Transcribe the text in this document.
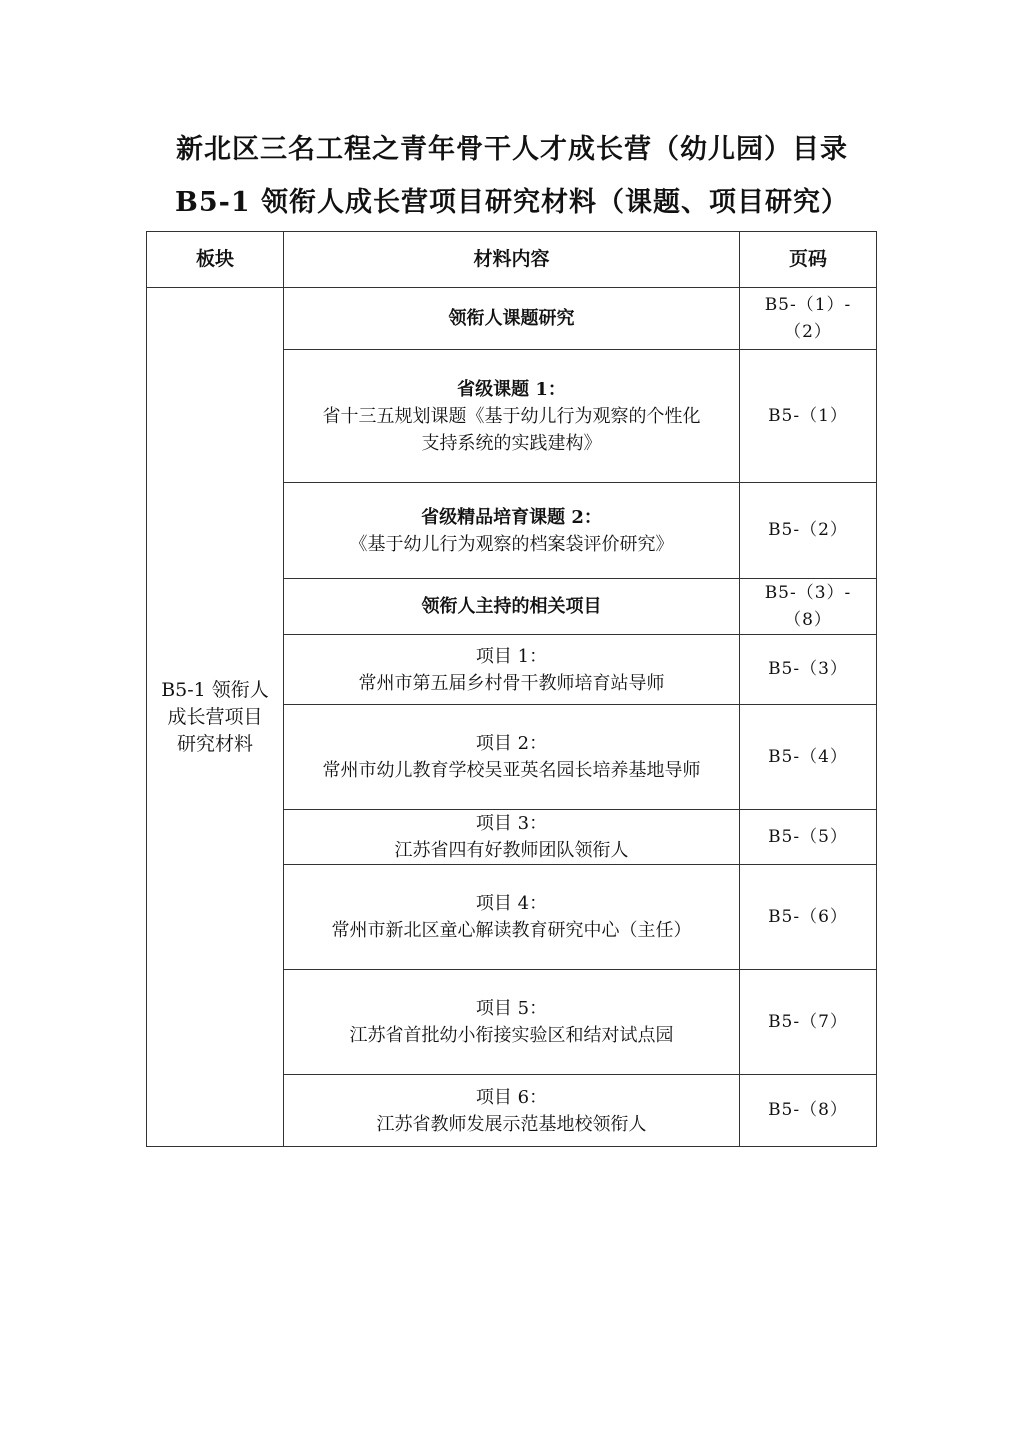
新北区三名工程之青年骨干人才成长营（幼儿园）目录
B5-1 领衔人成长营项目研究材料（课题、项目研究）
板块	材料内容	页码

B5-1 领衔人
成长营项目
研究材料	领衔人课题研究	B5-（1）-（2）

	省级课题 1：
省十三五规划课题《基于幼儿行为观察的个性化
支持系统的实践建构》	B5-（1）

	省级精品培育课题 2：
《基于幼儿行为观察的档案袋评价研究》	B5-（2）

	领衔人主持的相关项目	B5-（3）-（8）

	项目 1：
常州市第五届乡村骨干教师培育站导师	B5-（3）

	项目 2：
常州市幼儿教育学校吴亚英名园长培养基地导师	B5-（4）

	项目 3：
江苏省四有好教师团队领衔人	B5-（5）

	项目 4：
常州市新北区童心解读教育研究中心（主任）	B5-（6）

	项目 5：
江苏省首批幼小衔接实验区和结对试点园	B5-（7）

	项目 6：
江苏省教师发展示范基地校领衔人	B5-（8）
